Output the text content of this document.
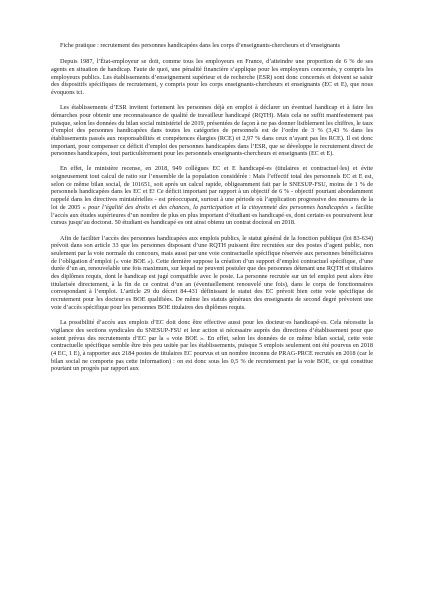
Fiche pratique : recrutement des personnes handicapées dans les corps d’enseignants-chercheurs et d’enseignants

Depuis 1987, l’État-employeur se doit, comme tous les employeurs en France, d’atteindre une proportion de 6 % de ses agents en situation de handicap. Faute de quoi, une pénalité financière s’applique pour les employeurs concernés, y compris les employeurs publics. Les établissements d’enseignement supérieur et de recherche (ESR) sont donc concernés et doivent se saisir des dispositifs spécifiques de recrutement, y compris pour les corps enseignants-chercheurs et enseignants (EC et E), que nous évoquons ici.

Les établissements d’ESR invitent fortement les personnes déjà en emploi à déclarer un éventuel handicap et à faire les démarches pour obtenir une reconnaissance de qualité de travailleur handicapé (RQTH). Mais cela ne suffit manifestement pas puisque, selon les données du bilan social ministériel de 2019, présentées de façon à ne pas donner lisiblement les chiffres, le taux d’emploi des personnes handicapées dans toutes les catégories de personnels est de l’ordre de 3 % (3,43 % dans les établissements passés aux responsabilités et compétences élargies (RCE) et 2,97 % dans ceux n’ayant pas les RCE). Il est donc important, pour compenser ce déficit d’emploi des personnes handicapées dans l’ESR, que se développe le recrutement direct de personnes handicapées, tout particulièrement pour les personnels enseignants-chercheurs et enseignants (EC et E).

En effet, le ministère recense, en 2018, 949 collègues EC et E handicapé-es (titulaires et contractuel·les) et évite soigneusement tout calcul de ratio sur l’ensemble de la population considérée : Mais l’effectif total des personnels EC et E est, selon ce même bilan social, de 101651, soit après un calcul rapide, obligeamment fait par le SNESUP-FSU, moins de 1 % de personnels handicapées dans les EC et E! Ce déficit important par rapport à un objectif de 6 % - objectif pourtant abondamment rappelé dans les directives ministérielles - est préoccupant, surtout à une période où l’application progressive des mesures de la loi de 2005 « pour l’égalité des droits et des chances, la participation et la citoyenneté des personnes handicapées » facilite l’accès aux études supérieures d’un nombre de plus en plus important d’étudiant·es handicapé·es, dont certain·es poursuivent leur cursus jusqu’au doctorat. 50 étudiant·es handicapé·es ont ainsi obtenu un contrat doctoral en 2018.

Afin de faciliter l’accès des personnes handicapées aux emplois publics, le statut général de la fonction publique (loi 83-634) prévoit dans son article 33 que les personnes disposant d’une RQTH puissent être recrutées sur des postes d’agent public, non seulement par la voie normale du concours, mais aussi par une voie contractuelle spécifique réservée aux personnes bénéficiaires de l’obligation d’emploi (« voie BOE »). Cette dernière suppose la création d’un support d’emploi contractuel spécifique, d’une durée d’un an, renouvelable une fois maximum, sur lequel ne peuvent postuler que des personnes détenant une RQTH et titulaires des diplômes requis, dont le handicap est jugé compatible avec le poste. La personne recrutée sur un tel emploi peut alors être titularisée directement, à la fin de ce contrat d’un an (éventuellement renouvelé une fois), dans le corps de fonctionnaires correspondant à l’emploi. L’article 29 du décret 84-431 définissant le statut des EC prévoit bien cette voie spécifique de recrutement pour les docteur·es BOE qualifiées. De même les statuts généraux des enseignants de second degré prévoient une voie d’accès spécifique pour les personnes BOE titulaires des diplômes requis.

La possibilité d’accès aux emplois d’EC doit donc être effective aussi pour les docteur·es handicapé·es. Cela nécessite la vigilance des sections syndicales du SNESUP-FSU et leur action si nécessaire auprès des directions d’établissement pour que soient prévus des recrutements d’EC par la « voie BOE ». En effet, selon les données de ce même bilan social, cette voie contractuelle spécifique semble être très peu usitée par les établissements, puisque 5 emplois seulement ont été pourvus en 2018 (4 EC, 1 E), à rapporter aux 2184 postes de titulaires EC pourvus et un nombre inconnu de PRAG-PRCE recrutés en 2018 (car le bilan social ne comporte pas cette information) : on est donc sous les 0,5 % de recrutement par la voie BOE, ce qui constitue pourtant un progrès par rapport aux
